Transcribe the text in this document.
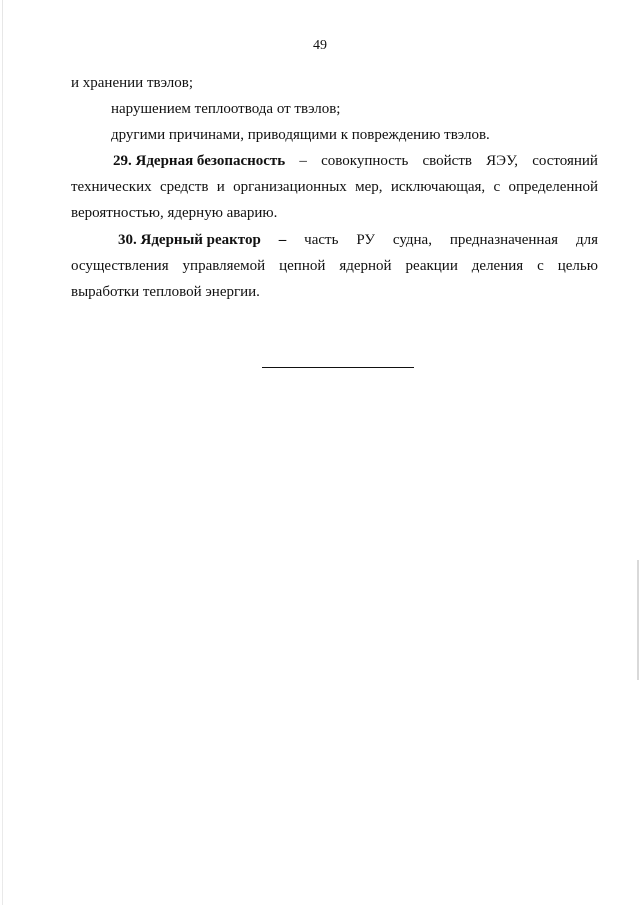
49
и хранении твэлов;
нарушением теплоотвода от твэлов;
другими причинами, приводящими к повреждению твэлов.
29. Ядерная безопасность – совокупность свойств ЯЭУ, состояний
технических средств и организационных мер, исключающая, с определенной
вероятностью, ядерную аварию.
30. Ядерный реактор – часть РУ судна, предназначенная для
осуществления управляемой цепной ядерной реакции деления с целью
выработки тепловой энергии.
